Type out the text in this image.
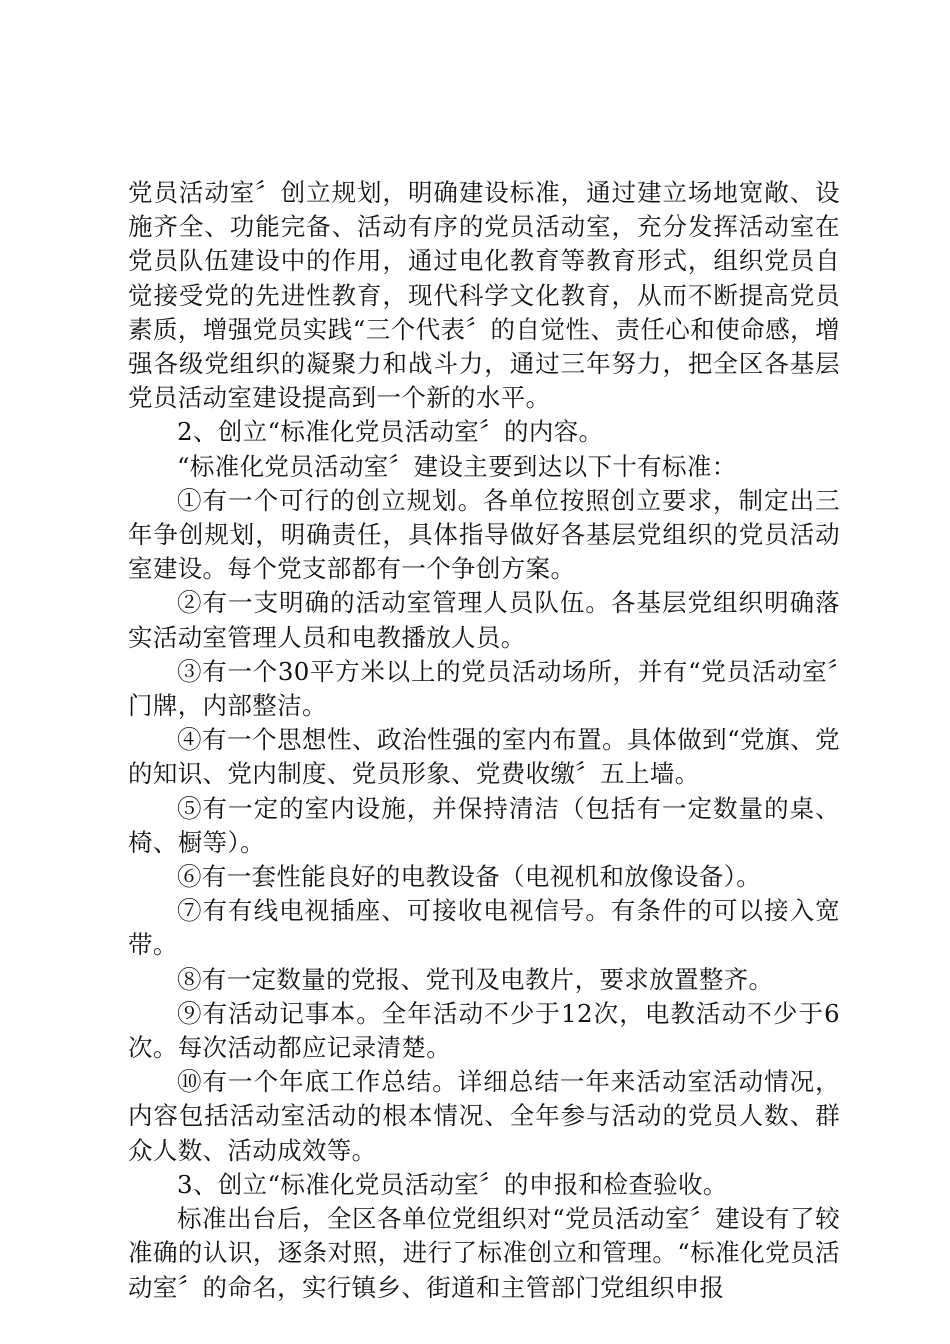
党员活动室〞创立规划，明确建设标准，通过建立场地宽敞、设施齐全、功能完备、活动有序的党员活动室，充分发挥活动室在党员队伍建设中的作用，通过电化教育等教育形式，组织党员自觉接受党的先进性教育，现代科学文化教育，从而不断提高党员素质，增强党员实践“三个代表〞的自觉性、责任心和使命感，增强各级党组织的凝聚力和战斗力，通过三年努力，把全区各基层党员活动室建设提高到一个新的水平。

2、创立“标准化党员活动室〞的内容。

“标准化党员活动室〞建设主要到达以下十有标准：

①有一个可行的创立规划。各单位按照创立要求，制定出三年争创规划，明确责任，具体指导做好各基层党组织的党员活动室建设。每个党支部都有一个争创方案。

②有一支明确的活动室管理人员队伍。各基层党组织明确落实活动室管理人员和电教播放人员。

③有一个30平方米以上的党员活动场所，并有“党员活动室〞门牌，内部整洁。

④有一个思想性、政治性强的室内布置。具体做到“党旗、党的知识、党内制度、党员形象、党费收缴〞五上墙。

⑤有一定的室内设施，并保持清洁（包括有一定数量的桌、椅、橱等）。

⑥有一套性能良好的电教设备（电视机和放像设备）。

⑦有有线电视插座、可接收电视信号。有条件的可以接入宽带。

⑧有一定数量的党报、党刊及电教片，要求放置整齐。

⑨有活动记事本。全年活动不少于12次，电教活动不少于6次。每次活动都应记录清楚。

⑩有一个年底工作总结。详细总结一年来活动室活动情况，内容包括活动室活动的根本情况、全年参与活动的党员人数、群众人数、活动成效等。

3、创立“标准化党员活动室〞的申报和检查验收。

标准出台后，全区各单位党组织对“党员活动室〞建设有了较准确的认识，逐条对照，进行了标准创立和管理。“标准化党员活动室〞的命名，实行镇乡、街道和主管部门党组织申报
